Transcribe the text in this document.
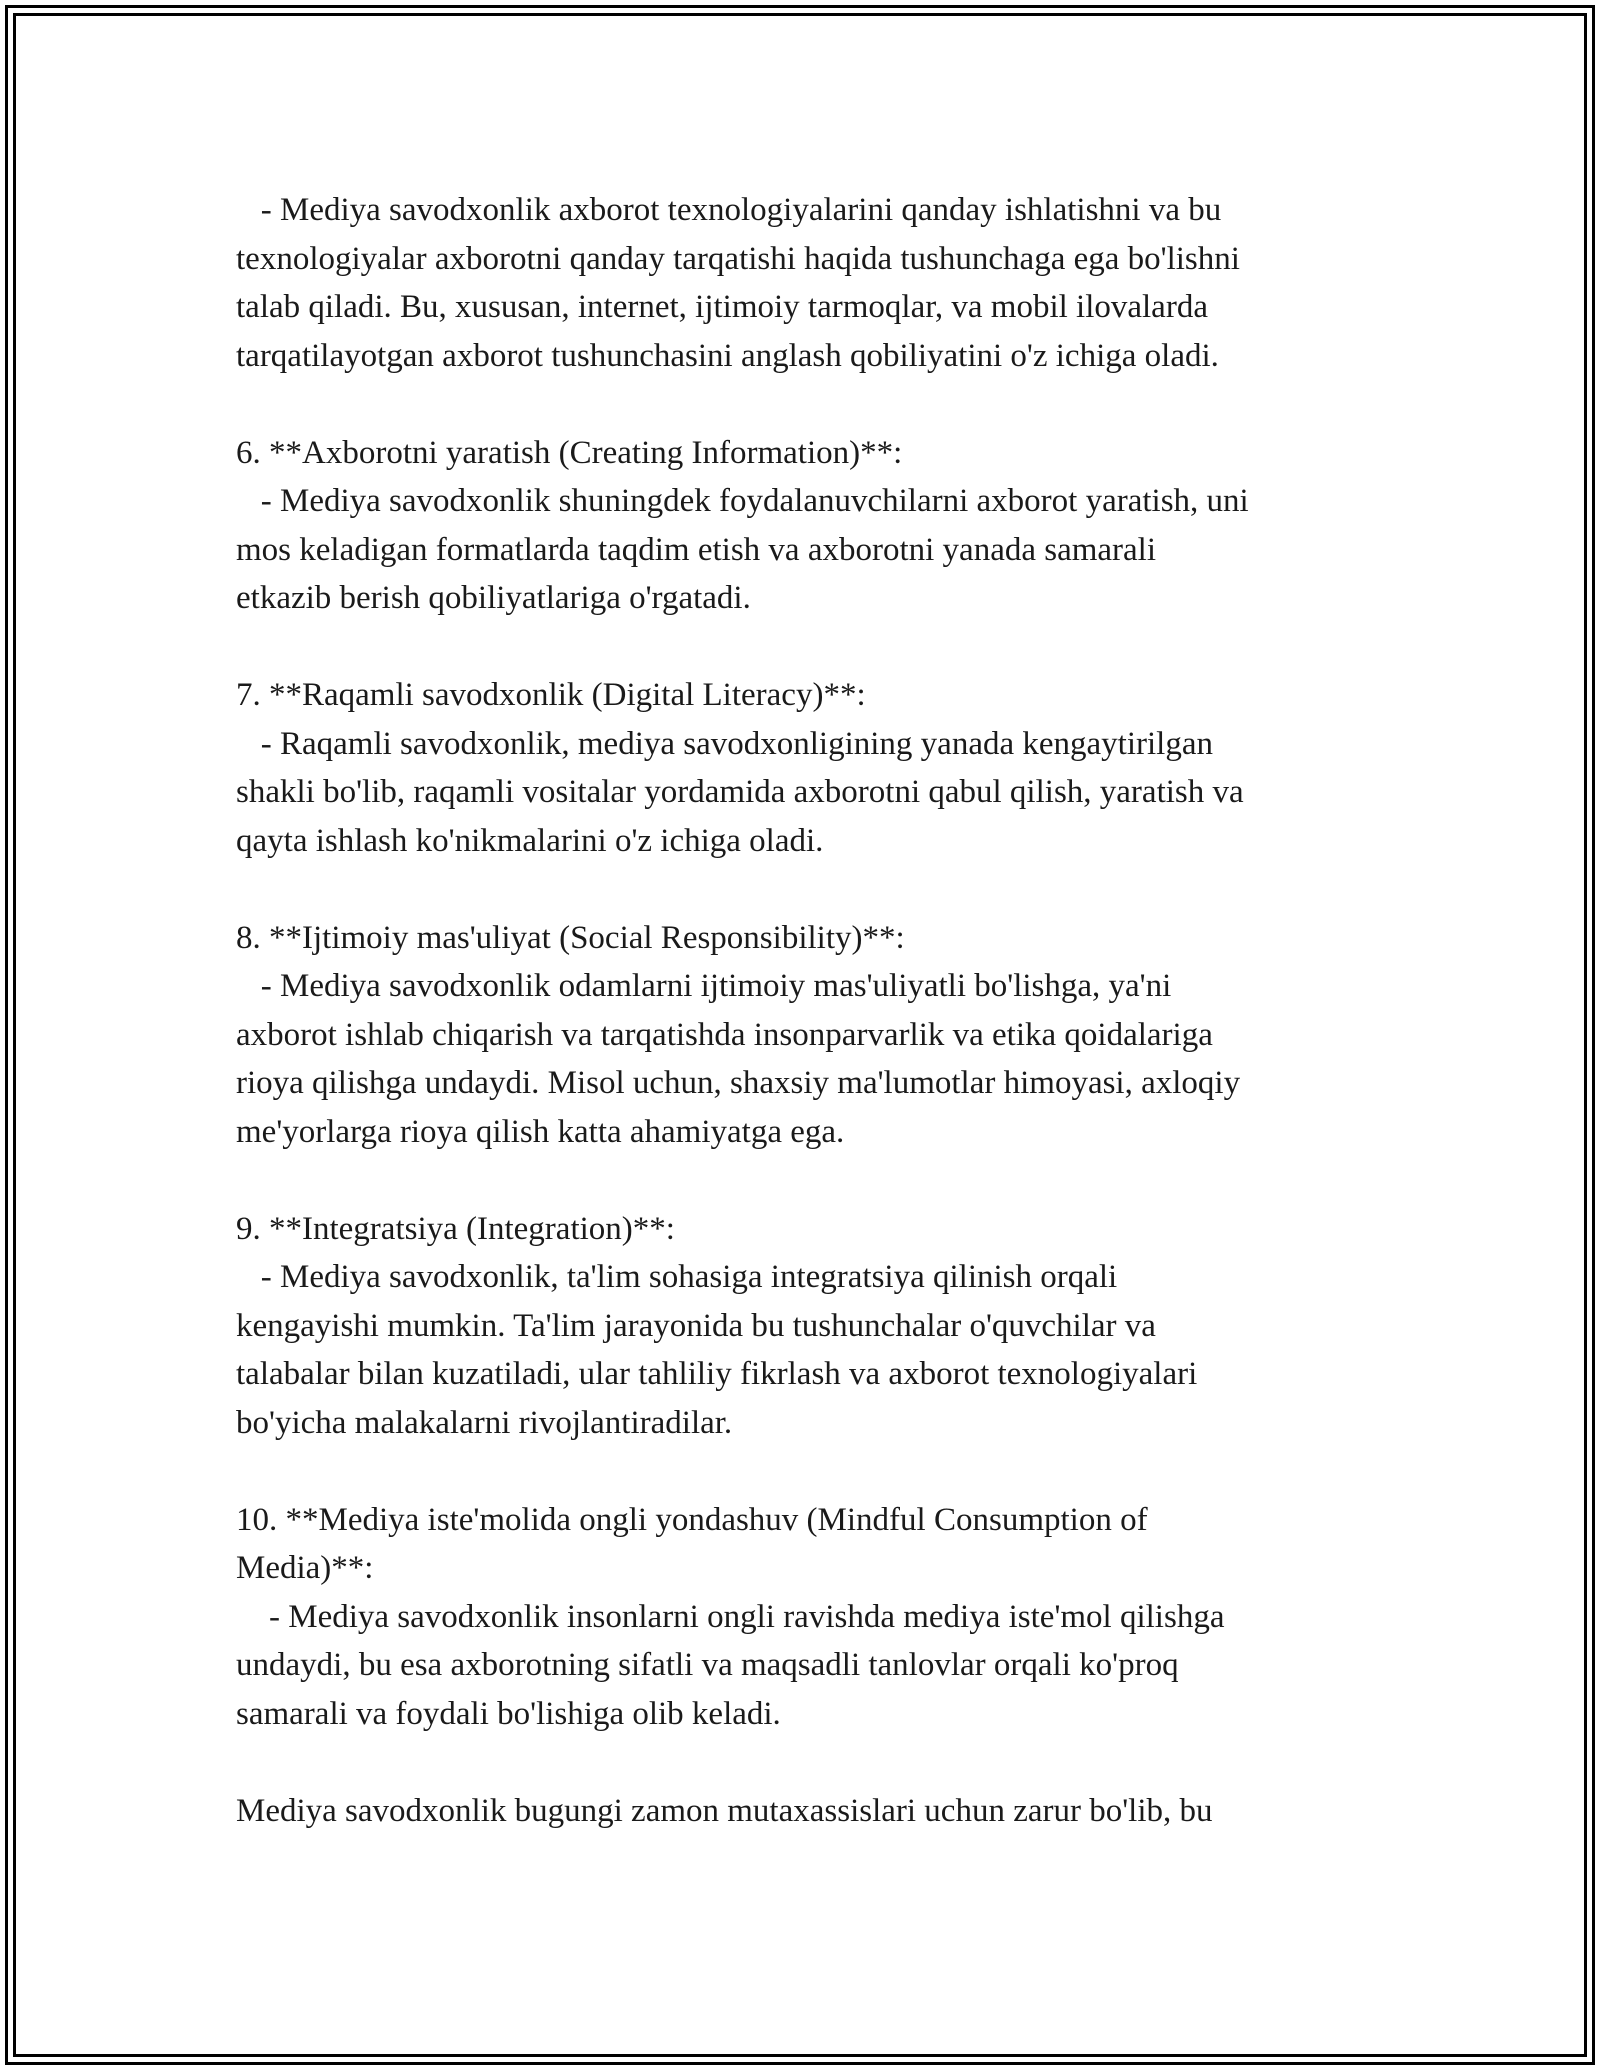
- Mediya savodxonlik axborot texnologiyalarini qanday ishlatishni va bu
texnologiyalar axborotni qanday tarqatishi haqida tushunchaga ega bo'lishni
talab qiladi. Bu, xususan, internet, ijtimoiy tarmoqlar, va mobil ilovalarda
tarqatilayotgan axborot tushunchasini anglash qobiliyatini o'z ichiga oladi.
6. **Axborotni yaratish (Creating Information)**:
- Mediya savodxonlik shuningdek foydalanuvchilarni axborot yaratish, uni
mos keladigan formatlarda taqdim etish va axborotni yanada samarali
etkazib berish qobiliyatlariga o'rgatadi.
7. **Raqamli savodxonlik (Digital Literacy)**:
- Raqamli savodxonlik, mediya savodxonligining yanada kengaytirilgan
shakli bo'lib, raqamli vositalar yordamida axborotni qabul qilish, yaratish va
qayta ishlash ko'nikmalarini o'z ichiga oladi.
8. **Ijtimoiy mas'uliyat (Social Responsibility)**:
- Mediya savodxonlik odamlarni ijtimoiy mas'uliyatli bo'lishga, ya'ni
axborot ishlab chiqarish va tarqatishda insonparvarlik va etika qoidalariga
rioya qilishga undaydi. Misol uchun, shaxsiy ma'lumotlar himoyasi, axloqiy
me'yorlarga rioya qilish katta ahamiyatga ega.
9. **Integratsiya (Integration)**:
- Mediya savodxonlik, ta'lim sohasiga integratsiya qilinish orqali
kengayishi mumkin. Ta'lim jarayonida bu tushunchalar o'quvchilar va
talabalar bilan kuzatiladi, ular tahliliy fikrlash va axborot texnologiyalari
bo'yicha malakalarni rivojlantiradilar.
10. **Mediya iste'molida ongli yondashuv (Mindful Consumption of
Media)**:
- Mediya savodxonlik insonlarni ongli ravishda mediya iste'mol qilishga
undaydi, bu esa axborotning sifatli va maqsadli tanlovlar orqali ko'proq
samarali va foydali bo'lishiga olib keladi.
Mediya savodxonlik bugungi zamon mutaxassislari uchun zarur bo'lib, bu
